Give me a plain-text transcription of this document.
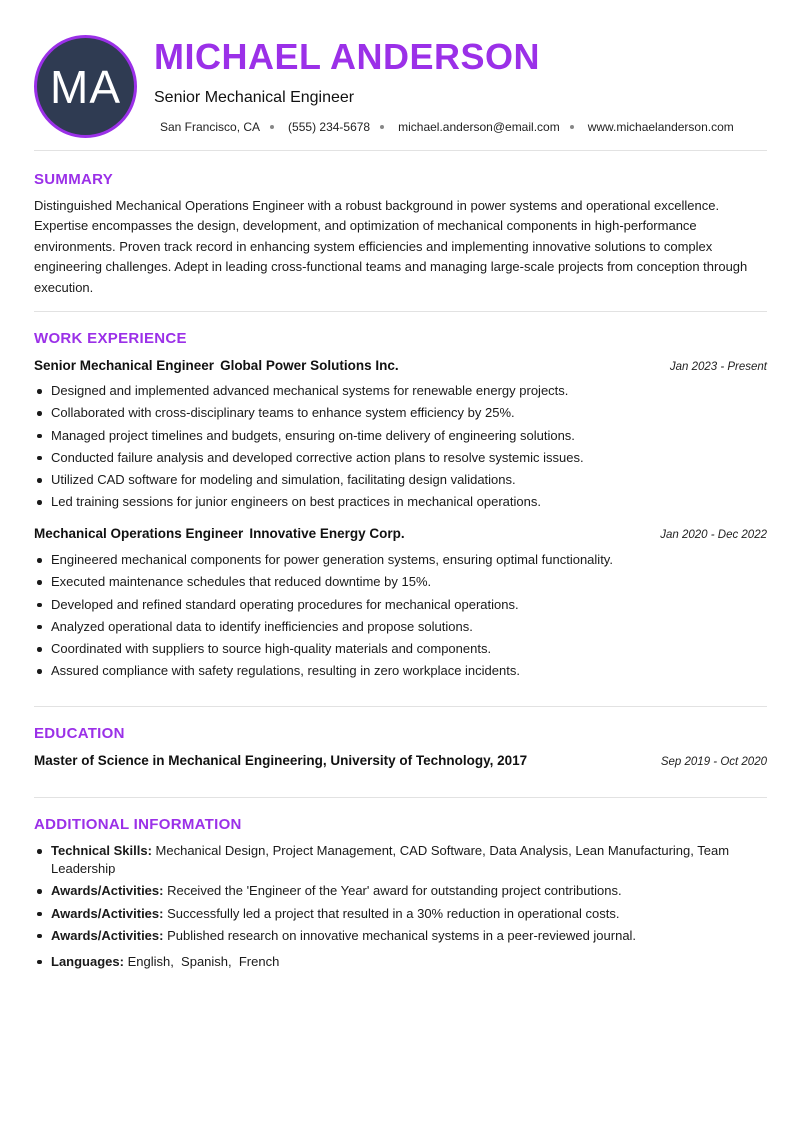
MA
MICHAEL ANDERSON
Senior Mechanical Engineer
San Francisco, CA (555) 234-5678 michael.anderson@email.com www.michaelanderson.com
SUMMARY

Distinguished Mechanical Operations Engineer with a robust background in power systems and operational excellence. Expertise encompasses the design, development, and optimization of mechanical components in high-performance environments. Proven track record in enhancing system efficiencies and implementing innovative solutions to complex engineering challenges. Adept in leading cross-functional teams and managing large-scale projects from conception through execution.

WORK EXPERIENCE
Senior Mechanical Engineer Global Power Solutions Inc.	Jan 2023 - Present
Designed and implemented advanced mechanical systems for renewable energy projects.
Collaborated with cross-disciplinary teams to enhance system efficiency by 25%.
Managed project timelines and budgets, ensuring on-time delivery of engineering solutions.
Conducted failure analysis and developed corrective action plans to resolve systemic issues.
Utilized CAD software for modeling and simulation, facilitating design validations.
Led training sessions for junior engineers on best practices in mechanical operations.
Mechanical Operations Engineer Innovative Energy Corp.	Jan 2020 - Dec 2022
Engineered mechanical components for power generation systems, ensuring optimal functionality.
Executed maintenance schedules that reduced downtime by 15%.
Developed and refined standard operating procedures for mechanical operations.
Analyzed operational data to identify inefficiencies and propose solutions.
Coordinated with suppliers to source high-quality materials and components.
Assured compliance with safety regulations, resulting in zero workplace incidents.
EDUCATION
Master of Science in Mechanical Engineering, University of Technology, 2017	Sep 2019 - Oct 2020
ADDITIONAL INFORMATION
Technical Skills: Mechanical Design, Project Management, CAD Software, Data Analysis, Lean Manufacturing, Team Leadership
Awards/Activities: Received the 'Engineer of the Year' award for outstanding project contributions.
Awards/Activities: Successfully led a project that resulted in a 30% reduction in operational costs.
Awards/Activities: Published research on innovative mechanical systems in a peer-reviewed journal.
Languages: English,  Spanish,  French
